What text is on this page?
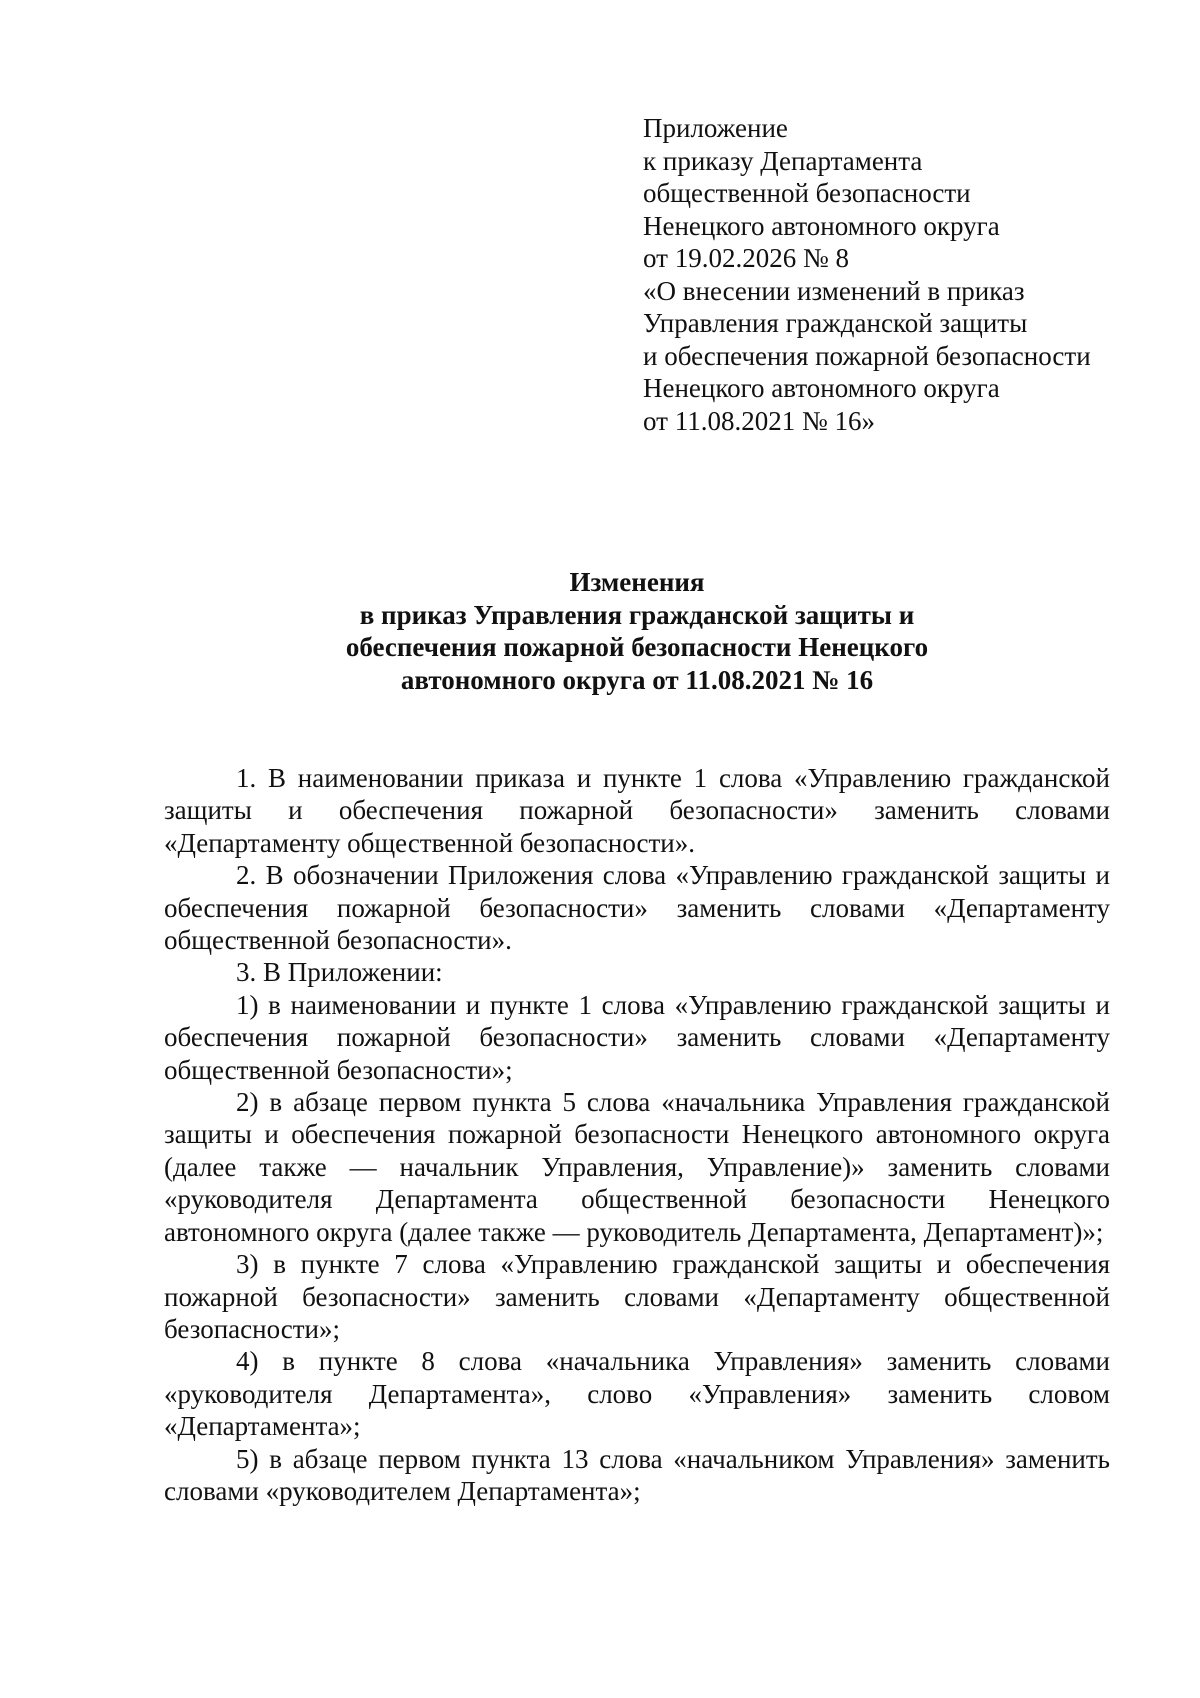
Приложение
к приказу Департамента
общественной безопасности
Ненецкого автономного округа
от 19.02.2026 № 8
«О внесении изменений в приказ
Управления гражданской защиты
и обеспечения пожарной безопасности
Ненецкого автономного округа
от 11.08.2021 № 16»
Изменения
в приказ Управления гражданской защиты и
обеспечения пожарной безопасности Ненецкого
автономного округа от 11.08.2021 № 16

1. В наименовании приказа и пункте 1 слова «Управлению гражданской защиты и обеспечения пожарной безопасности» заменить словами «Департаменту общественной безопасности».

2. В обозначении Приложения слова «Управлению гражданской защиты и обеспечения пожарной безопасности» заменить словами «Департаменту общественной безопасности».

3. В Приложении:

1) в наименовании и пункте 1 слова «Управлению гражданской защиты и обеспечения пожарной безопасности» заменить словами «Департаменту общественной безопасности»;

2) в абзаце первом пункта 5 слова «начальника Управления гражданской защиты и обеспечения пожарной безопасности Ненецкого автономного округа (далее также — начальник Управления, Управление)» заменить словами «руководителя Департамента общественной безопасности Ненецкого автономного округа (далее также — руководитель Департамента, Департамент)»;

3) в пункте 7 слова «Управлению гражданской защиты и обеспечения пожарной безопасности» заменить словами «Департаменту общественной безопасности»;

4) в пункте 8 слова «начальника Управления» заменить словами «руководителя Департамента», слово «Управления» заменить словом «Департамента»;

5) в абзаце первом пункта 13 слова «начальником Управления» заменить словами «руководителем Департамента»;
